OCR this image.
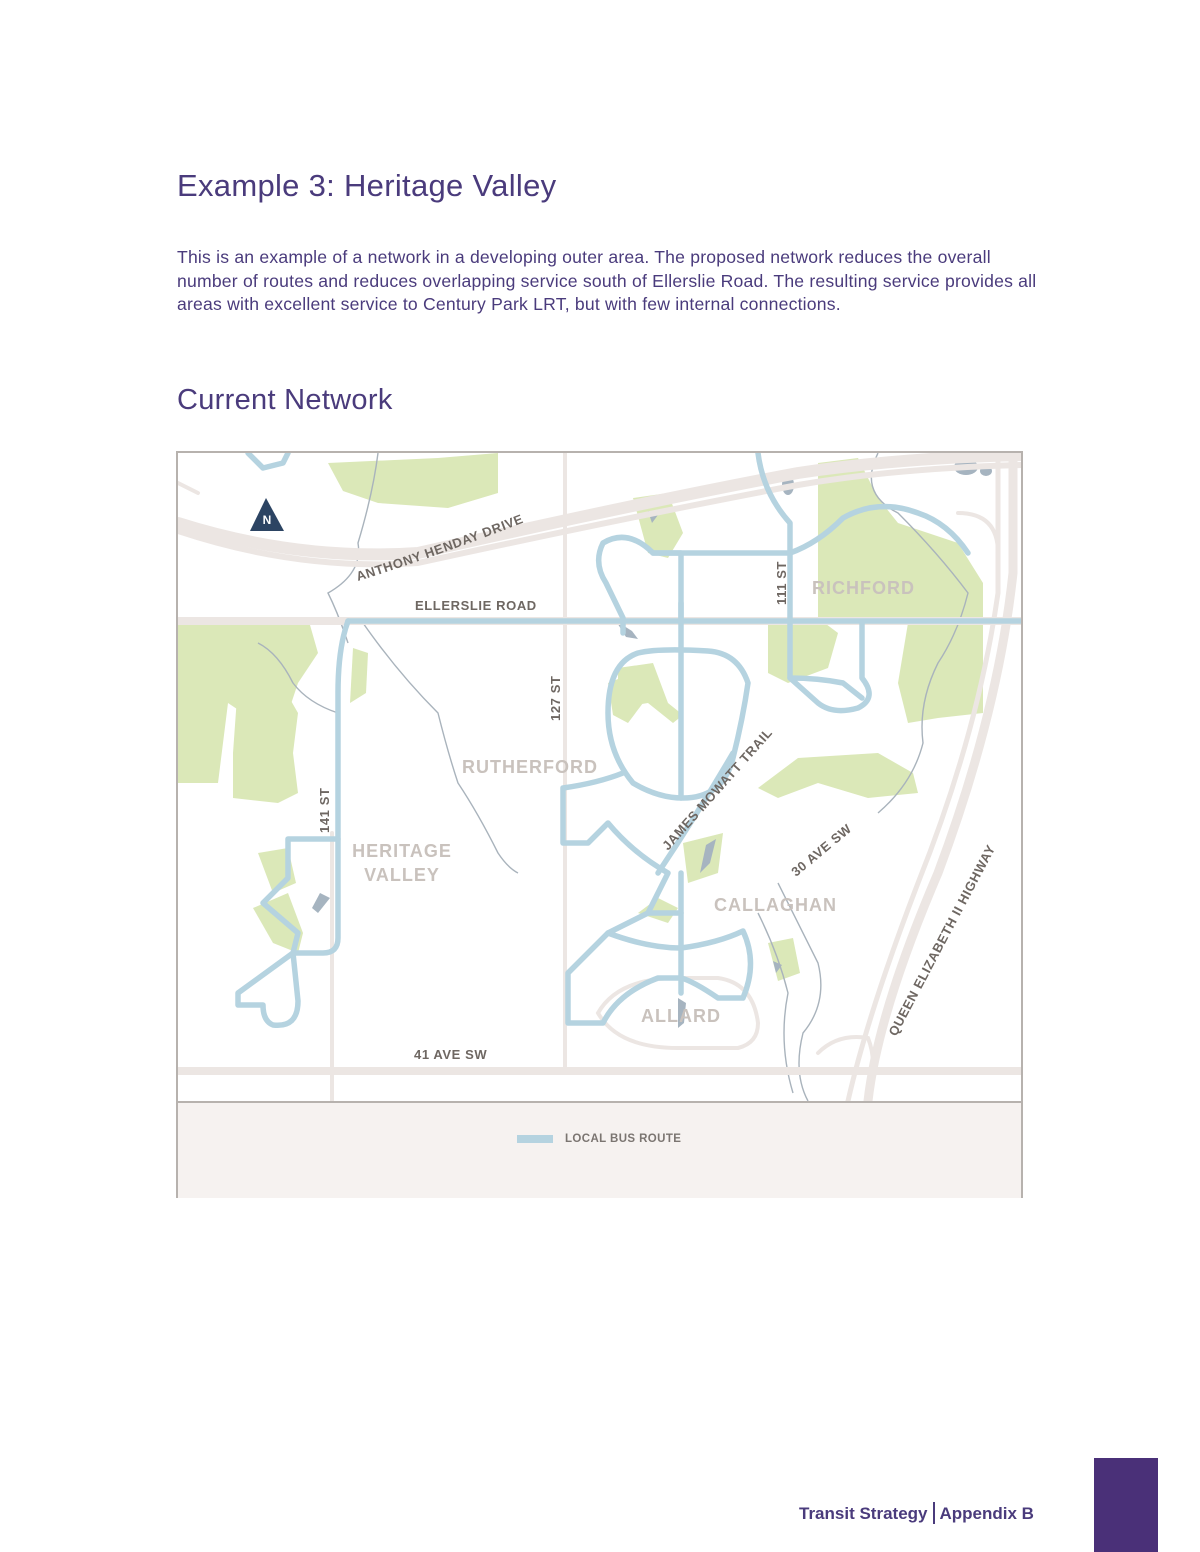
Example 3: Heritage Valley
This is an example of a network in a developing outer area. The proposed network reduces the overall number of routes and reduces overlapping service south of Ellerslie Road. The resulting service provides all areas with excellent service to Century Park LRT, but with few internal connections.
Current Network
N
ANTHONY HENDAY DRIVE
ELLERSLIE ROAD
111 ST
127 ST
141 ST
JAMES MOWATT TRAIL
30 AVE SW
41 AVE SW
QUEEN ELIZABETH II HIGHWAY
RICHFORD
RUTHERFORD
HERITAGE
VALLEY
CALLAGHAN
ALLARD
LOCAL BUS ROUTE
Transit Strategy Appendix B
